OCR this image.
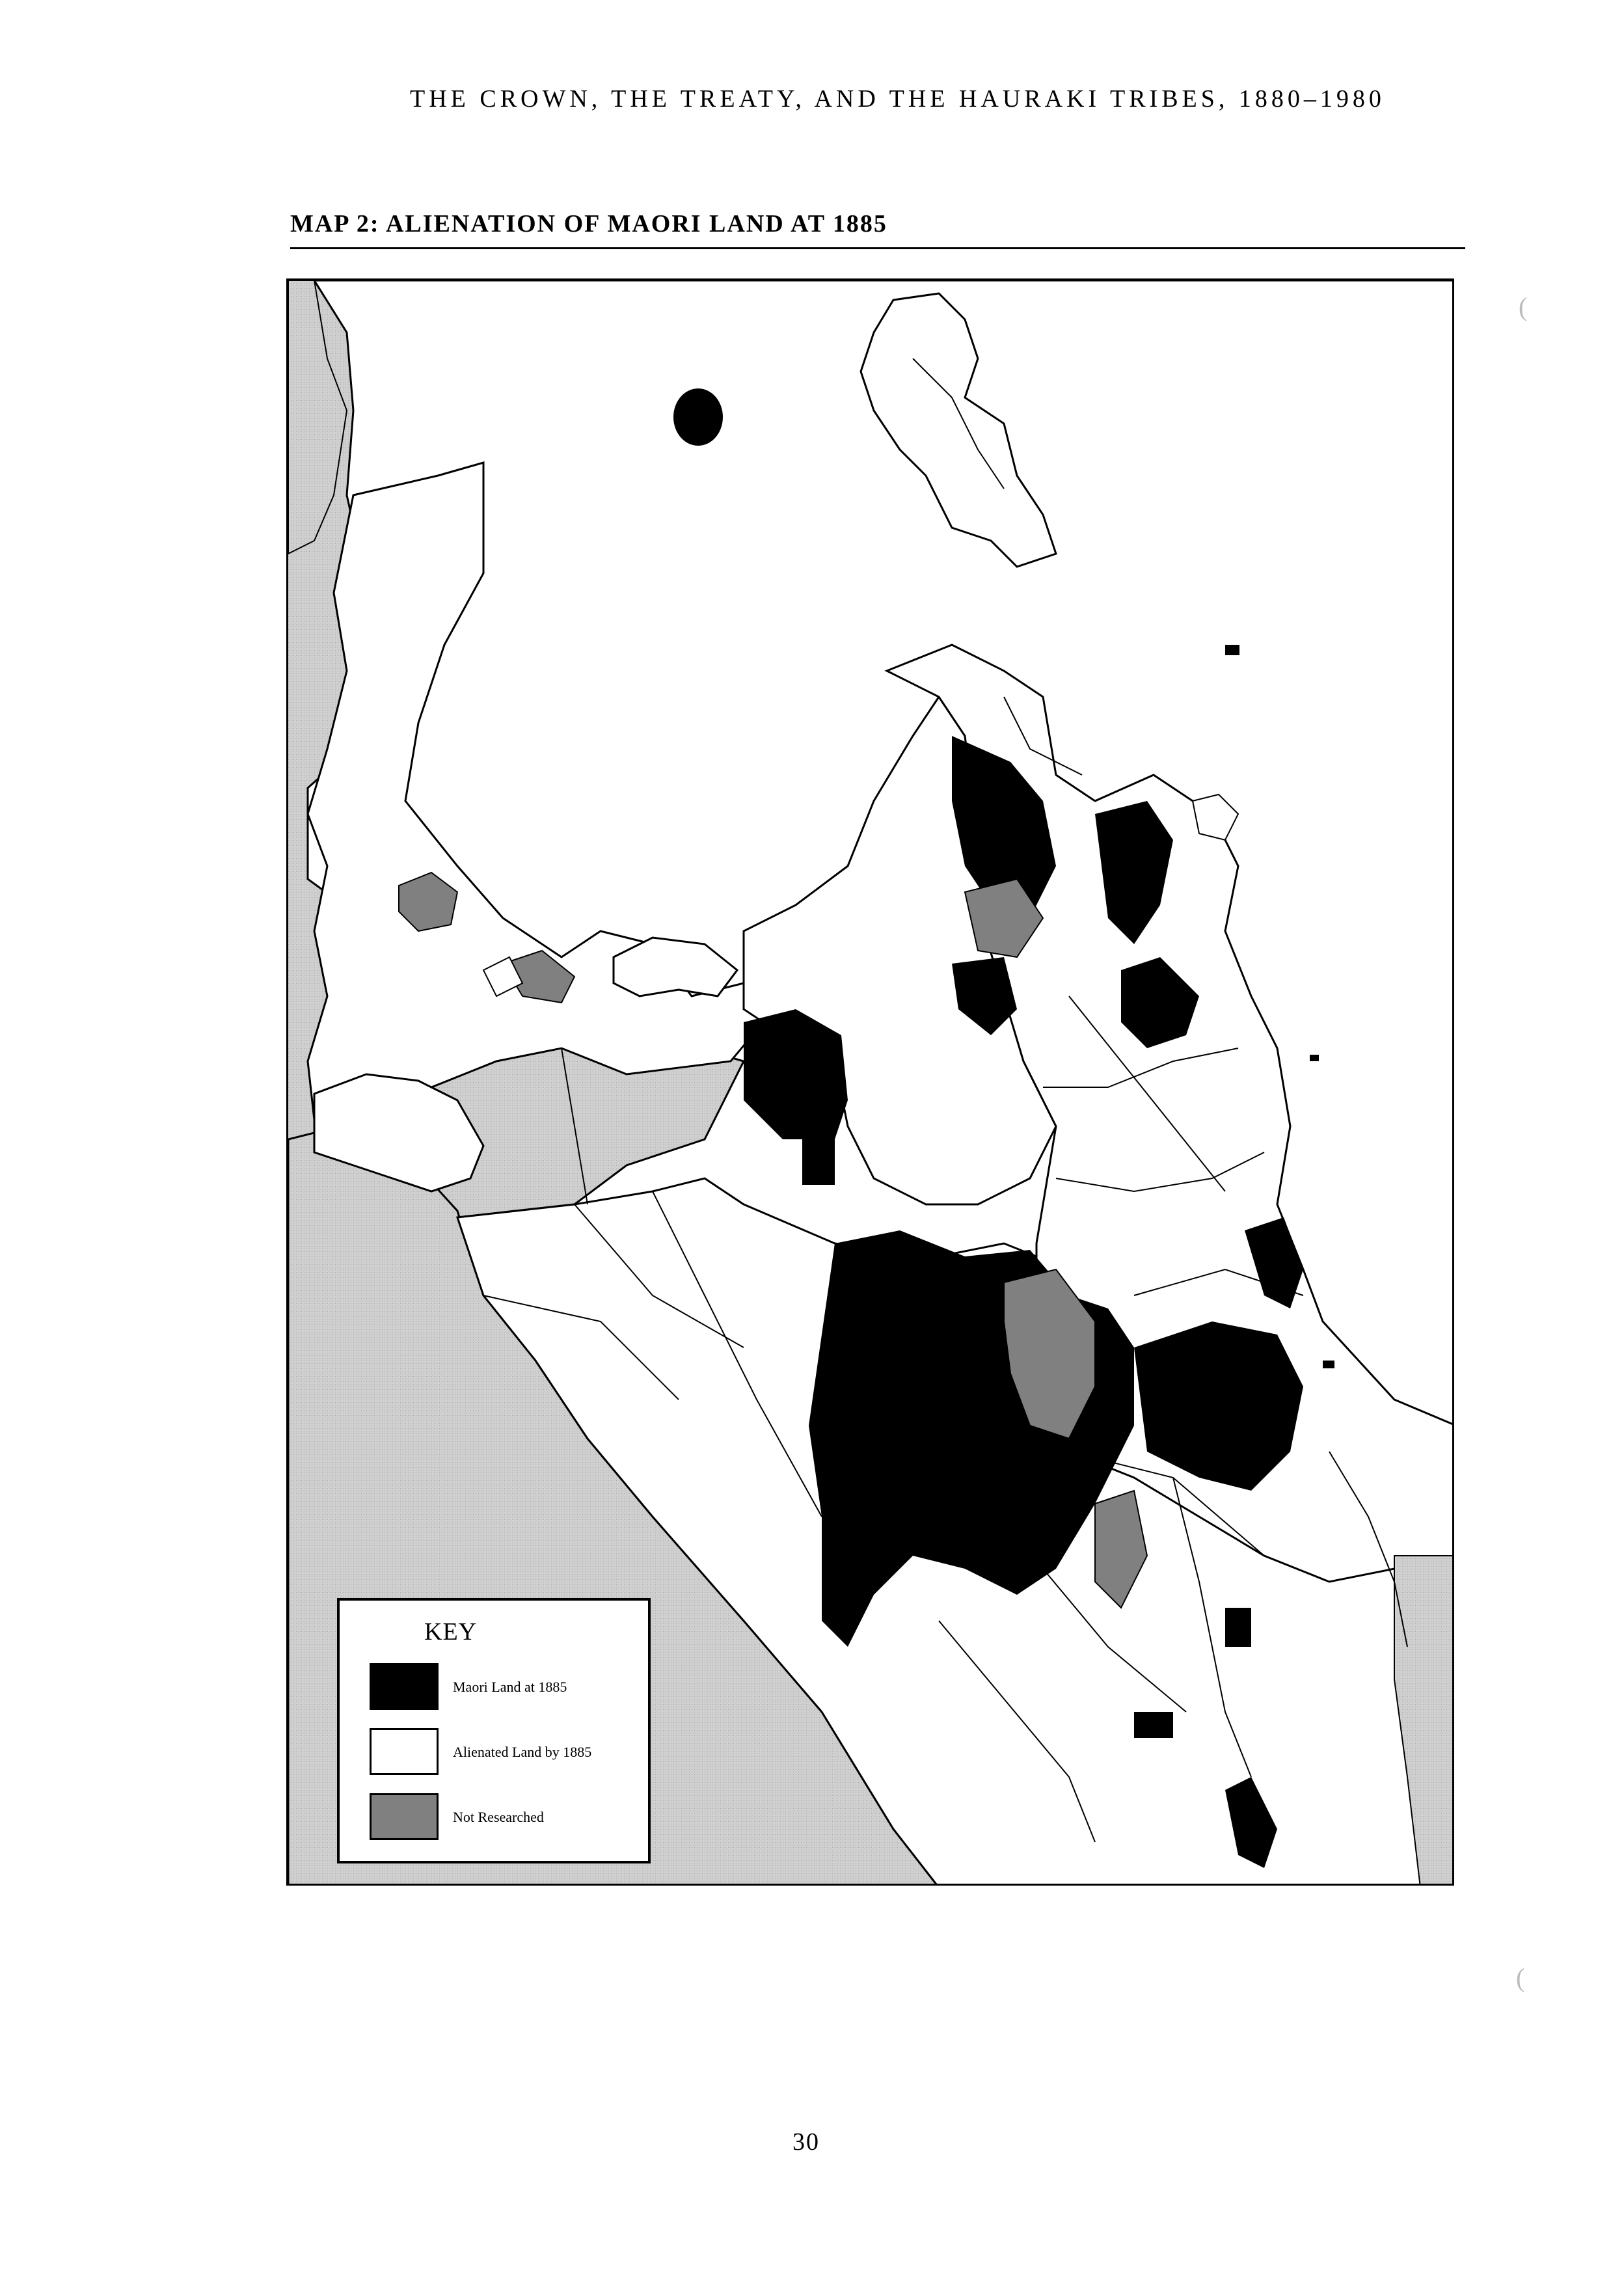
THE CROWN, THE TREATY, AND THE HAURAKI TRIBES, 1880–1980
MAP 2: ALIENATION OF MAORI LAND AT 1885
KEY
Maori Land at 1885
Alienated Land by 1885
Not Researched
30
(
(
